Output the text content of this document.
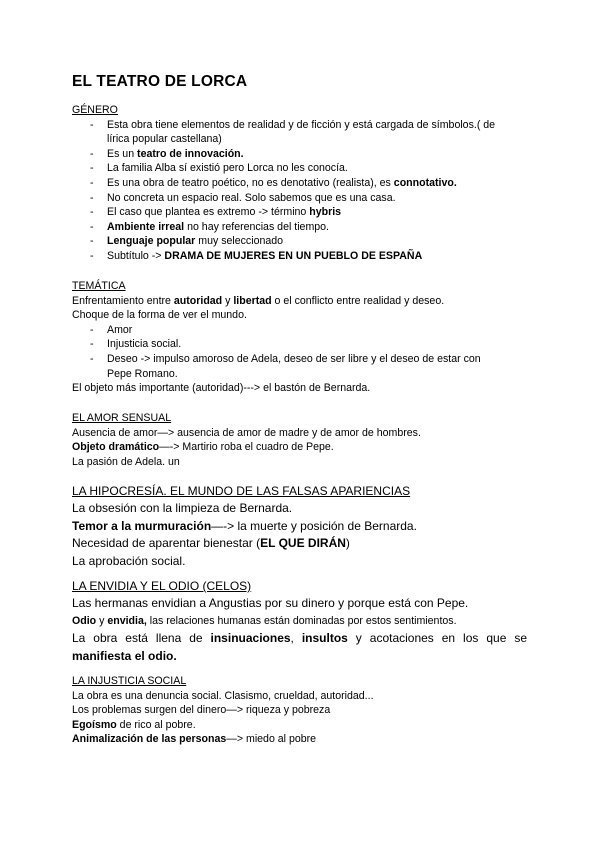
EL TEATRO DE LORCA
GÉNERO
- Esta obra tiene elementos de realidad y de ficción y está cargada de símbolos.( de
lírica popular castellana)
- Es un teatro de innovación.
- La familia Alba sí existió pero Lorca no les conocía.
- Es una obra de teatro poético, no es denotativo (realista), es connotativo.
- No concreta un espacio real. Solo sabemos que es una casa.
- El caso que plantea es extremo -> término hybris
- Ambiente irreal no hay referencias del tiempo.
- Lenguaje popular muy seleccionado
- Subtítulo -> DRAMA DE MUJERES EN UN PUEBLO DE ESPAÑA
TEMÁTICA
Enfrentamiento entre autoridad y libertad o el conflicto entre realidad y deseo.
Choque de la forma de ver el mundo.
- Amor
- Injusticia social.
- Deseo -> impulso amoroso de Adela, deseo de ser libre y el deseo de estar con
Pepe Romano.
El objeto más importante (autoridad)---> el bastón de Bernarda.
EL AMOR SENSUAL
Ausencia de amor—> ausencia de amor de madre y de amor de hombres.
Objeto dramático—-> Martirio roba el cuadro de Pepe.
La pasión de Adela. un
LA HIPOCRESÍA. EL MUNDO DE LAS FALSAS APARIENCIAS
La obsesión con la limpieza de Bernarda.
Temor a la murmuración—-> la muerte y posición de Bernarda.
Necesidad de aparentar bienestar (EL QUE DIRÁN)
La aprobación social.
LA ENVIDIA Y EL ODIO (CELOS)
Las hermanas envidian a Angustias por su dinero y porque está con Pepe.
Odio y envidia, las relaciones humanas están dominadas por estos sentimientos.
La obra está llena de insinuaciones, insultos y acotaciones en los que se manifiesta el odio.
LA INJUSTICIA SOCIAL
La obra es una denuncia social. Clasismo, crueldad, autoridad...
Los problemas surgen del dinero—> riqueza y pobreza
Egoísmo de rico al pobre.
Animalización de las personas—> miedo al pobre
